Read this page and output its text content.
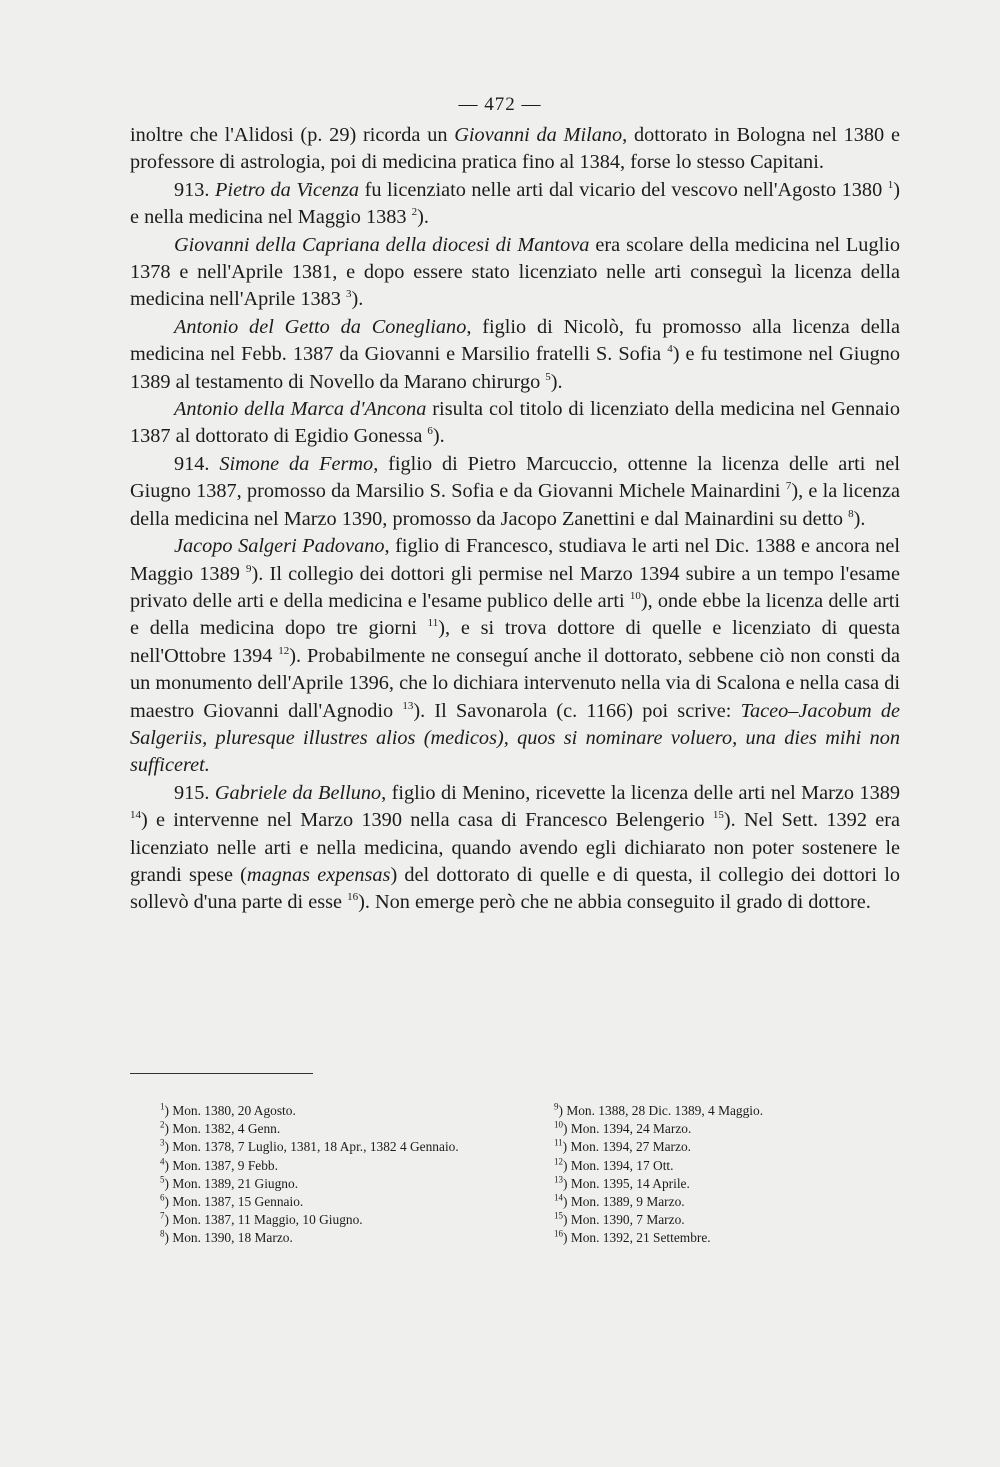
— 472 —

inoltre che l'Alidosi (p. 29) ricorda un Giovanni da Milano, dottorato in Bologna nel 1380 e professore di astrologia, poi di medicina pratica fino al 1384, forse lo stesso Capitani.

913. Pietro da Vicenza fu licenziato nelle arti dal vicario del vescovo nell'Agosto 1380 $^1$) e nella medicina nel Maggio 1383 $^2$).

Giovanni della Capriana della diocesi di Mantova era scolare della medicina nel Luglio 1378 e nell'Aprile 1381, e dopo essere stato licenziato nelle arti conseguì la licenza della medicina nell'Aprile 1383 $^3$).

Antonio del Getto da Conegliano, figlio di Nicolò, fu promosso alla licenza della medicina nel Febb. 1387 da Giovanni e Marsilio fratelli S. Sofia $^4$) e fu testimone nel Giugno 1389 al testamento di Novello da Marano chirurgo $^5$).

Antonio della Marca d'Ancona risulta col titolo di licenziato della medicina nel Gennaio 1387 al dottorato di Egidio Gonessa $^6$).

914. Simone da Fermo, figlio di Pietro Marcuccio, ottenne la licenza delle arti nel Giugno 1387, promosso da Marsilio S. Sofia e da Giovanni Michele Mainardini $^7$), e la licenza della medicina nel Marzo 1390, promosso da Jacopo Zanettini e dal Mainardini su detto $^8$).

Jacopo Salgeri Padovano, figlio di Francesco, studiava le arti nel Dic. 1388 e ancora nel Maggio 1389 $^9$). Il collegio dei dottori gli permise nel Marzo 1394 subire a un tempo l'esame privato delle arti e della medicina e l'esame publico delle arti $^{10}$), onde ebbe la licenza delle arti e della medicina dopo tre giorni $^{11}$), e si trova dottore di quelle e licenziato di questa nell'Ottobre 1394 $^{12}$). Probabilmente ne conseguí anche il dottorato, sebbene ciò non consti da un monumento dell'Aprile 1396, che lo dichiara intervenuto nella via di Scalona e nella casa di maestro Giovanni dall'Agnodio $^{13}$). Il Savonarola (c. 1166) poi scrive: Taceo–Jacobum de Salgeriis, pluresque illustres alios (medicos), quos si nominare voluero, una dies mihi non sufficeret.

915. Gabriele da Belluno, figlio di Menino, ricevette la licenza delle arti nel Marzo 1389 $^{14}$) e intervenne nel Marzo 1390 nella casa di Francesco Belengerio $^{15}$). Nel Sett. 1392 era licenziato nelle arti e nella medicina, quando avendo egli dichiarato non poter sostenere le grandi spese (magnas expensas) del dottorato di quelle e di questa, il collegio dei dottori lo sollevò d'una parte di esse $^{16}$). Non emerge però che ne abbia conseguito il grado di dottore.

$^1$) Mon. 1380, 20 Agosto.
$^2$) Mon. 1382, 4 Genn.
$^3$) Mon. 1378, 7 Luglio, 1381, 18 Apr., 1382 4 Gennaio.
$^4$) Mon. 1387, 9 Febb.
$^5$) Mon. 1389, 21 Giugno.
$^6$) Mon. 1387, 15 Gennaio.
$^7$) Mon. 1387, 11 Maggio, 10 Giugno.
$^8$) Mon. 1390, 18 Marzo.
$^9$) Mon. 1388, 28 Dic. 1389, 4 Maggio.
$^{10}$) Mon. 1394, 24 Marzo.
$^{11}$) Mon. 1394, 27 Marzo.
$^{12}$) Mon. 1394, 17 Ott.
$^{13}$) Mon. 1395, 14 Aprile.
$^{14}$) Mon. 1389, 9 Marzo.
$^{15}$) Mon. 1390, 7 Marzo.
$^{16}$) Mon. 1392, 21 Settembre.
